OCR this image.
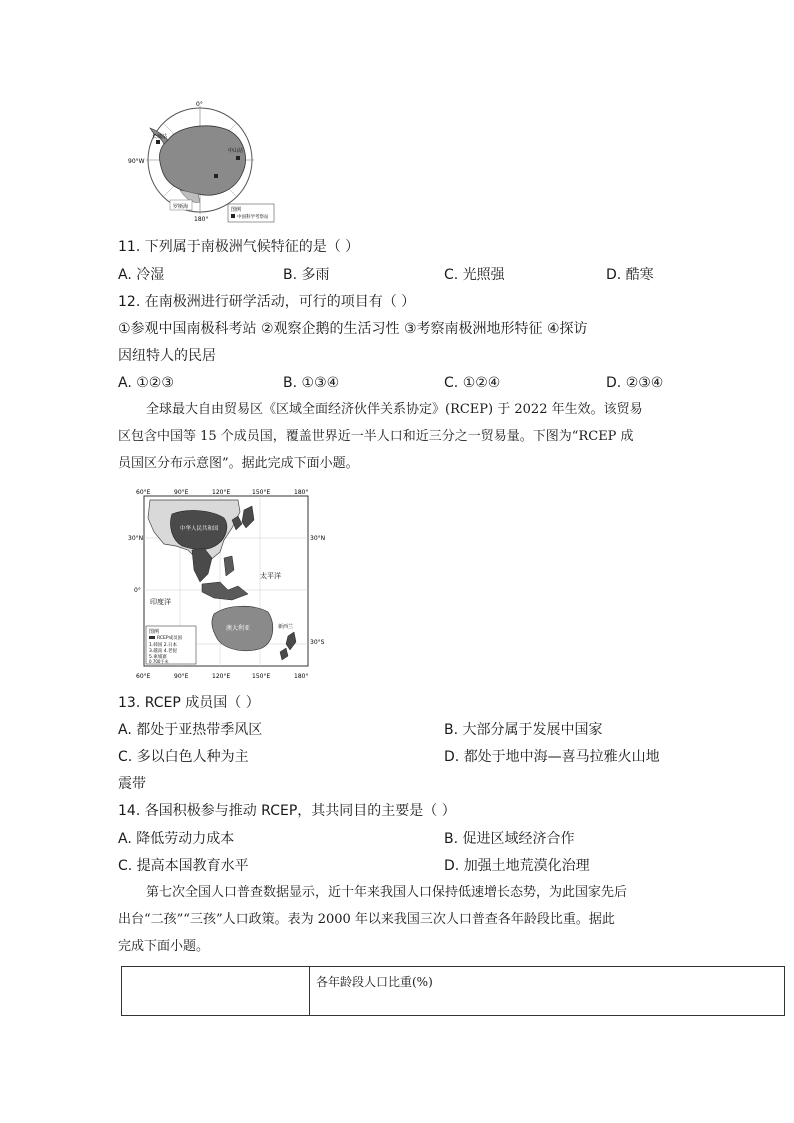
0°
90°W
180°
长城站
中山站
罗斯海	图例
中国科学考察站
11. 下列属于南极洲气候特征的是（ ）
A. 冷湿	B. 多雨	C. 光照强	D. 酷寒
12. 在南极洲进行研学活动，可行的项目有（ ）
①参观中国南极科考站 ②观察企鹅的生活习性 ③考察南极洲地形特征 ④探访
因纽特人的民居
A. ①②③	B. ①③④	C. ①②④	D. ②③④
全球最大自由贸易区《区域全面经济伙伴关系协定》(RCEP) 于 2022 年生效。该贸易
区包含中国等 15 个成员国，覆盖世界近一半人口和近三分之一贸易量。下图为“RCEP 成
员国区分布示意图”。据此完成下面小题。
60°E	90°E	120°E	150°E	180°
30°N	30°N
0°
30°S
中华人民共和国
太平洋
印度洋
澳大利亚	新西兰
图例
RCEP成员国
1.韩国 2.日本
3.越南 4.老挝
5.柬埔寨
0 700千米
60°E	90°E	120°E	150°E	180°
13. RCEP 成员国（ ）
A. 都处于亚热带季风区	B. 大部分属于发展中国家
C. 多以白色人种为主	D. 都处于地中海—喜马拉雅火山地
震带
14. 各国积极参与推动 RCEP，其共同目的主要是（ ）
A. 降低劳动力成本	B. 促进区域经济合作
C. 提高本国教育水平	D. 加强土地荒漠化治理
第七次全国人口普查数据显示，近十年来我国人口保持低速增长态势，为此国家先后
出台“二孩”“三孩”人口政策。表为 2000 年以来我国三次人口普查各年龄段比重。据此
完成下面小题。
	各年龄段人口比重(%)
